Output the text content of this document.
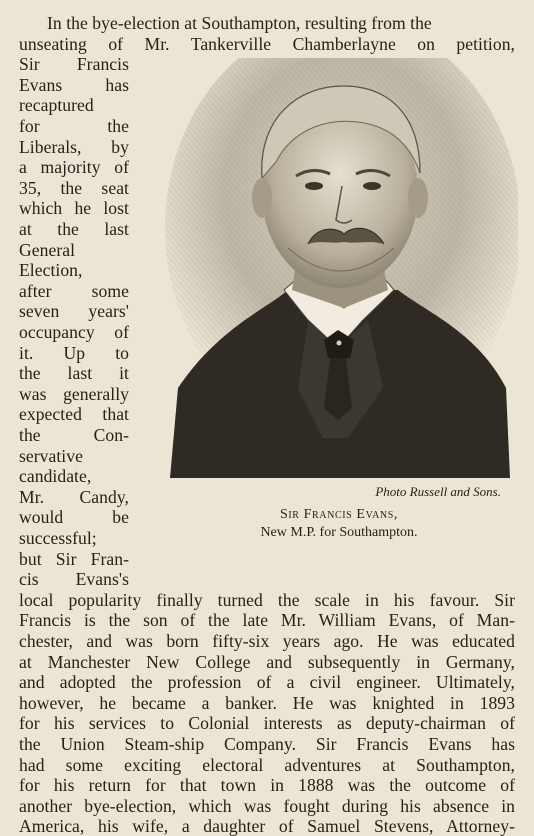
In the bye-election at Southampton, resulting from the
unseating of Mr. Tankerville Chamberlayne on petition,
Sir Francis
Evans has
recaptured
for the
Liberals, by
a majority of
35, the seat
which he lost
at the last
General
Election,
after some
seven years'
occupancy of
it. Up to
the last it
was generally
expected that
the Con-
servative
candidate,
Mr. Candy,
would be
successful;
but Sir Fran-
cis Evans's
local popularity finally turned the scale in his favour. Sir
Francis is the son of the late Mr. William Evans, of Man-
chester, and was born fifty-six years ago. He was educated
at Manchester New College and subsequently in Germany,
and adopted the profession of a civil engineer. Ultimately,
however, he became a banker. He was knighted in 1893
for his services to Colonial interests as deputy-chairman of
the Union Steam-ship Company. Sir Francis Evans has
had some exciting electoral adventures at Southampton,
for his return for that town in 1888 was the outcome of
another bye-election, which was fought during his absence in
America, his wife, a daughter of Samuel Stevens, Attorney-
Photo Russell and Sons.
Sir Francis Evans,
New M.P. for Southampton.
